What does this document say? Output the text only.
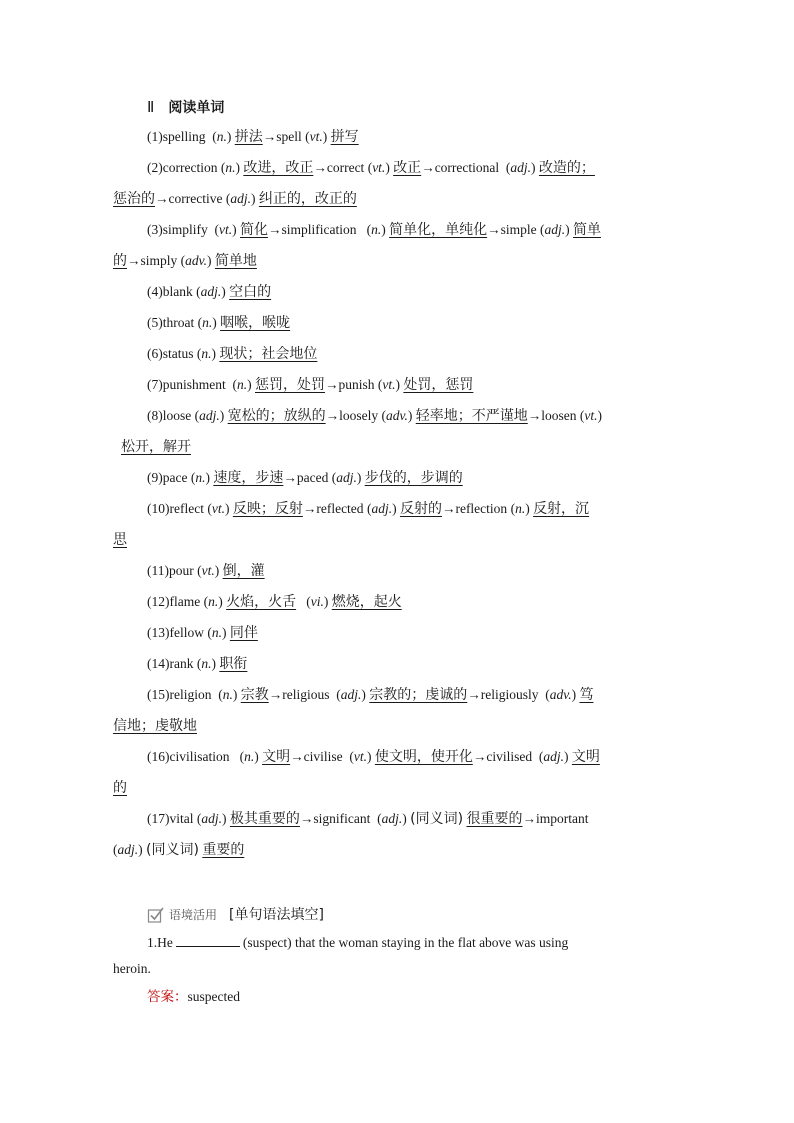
Ⅱ 阅读单词
(1)spelling  (n.) 拼法→spell (vt.) 拼写
(2)correction (n.) 改进，改正→correct (vt.) 改正→correctional  (adj.) 改造的；
惩治的→corrective (adj.) 纠正的，改正的
(3)simplify  (vt.) 简化→simplification   (n.) 简单化，单纯化→simple (adj.) 简单
的→simply (adv.) 简单地
(4)blank (adj.) 空白的
(5)throat (n.) 咽喉，喉咙
(6)status (n.) 现状；社会地位
(7)punishment  (n.) 惩罚，处罚→punish (vt.) 处罚，惩罚
(8)loose (adj.) 宽松的；放纵的→loosely (adv.) 轻率地；不严谨地→loosen (vt.)
松开，解开
(9)pace (n.) 速度，步速→paced (adj.) 步伐的，步调的
(10)reflect (vt.) 反映；反射→reflected (adj.) 反射的→reflection (n.) 反射，沉
思
(11)pour (vt.) 倒，灌
(12)flame (n.) 火焰，火舌   (vi.) 燃烧，起火
(13)fellow (n.) 同伴
(14)rank (n.) 职衔
(15)religion  (n.) 宗教→religious  (adj.) 宗教的；虔诚的→religiously  (adv.) 笃
信地；虔敬地
(16)civilisation   (n.) 文明→civilise  (vt.) 使文明，使开化→civilised  (adj.) 文明
的
(17)vital (adj.) 极其重要的→significant  (adj.) (同义词) 很重要的→important
(adj.) (同义词) 重要的
语境活用 [单句语法填空]
1.He	(suspect) that the woman staying in the flat above was using
heroin.
答案：suspected
